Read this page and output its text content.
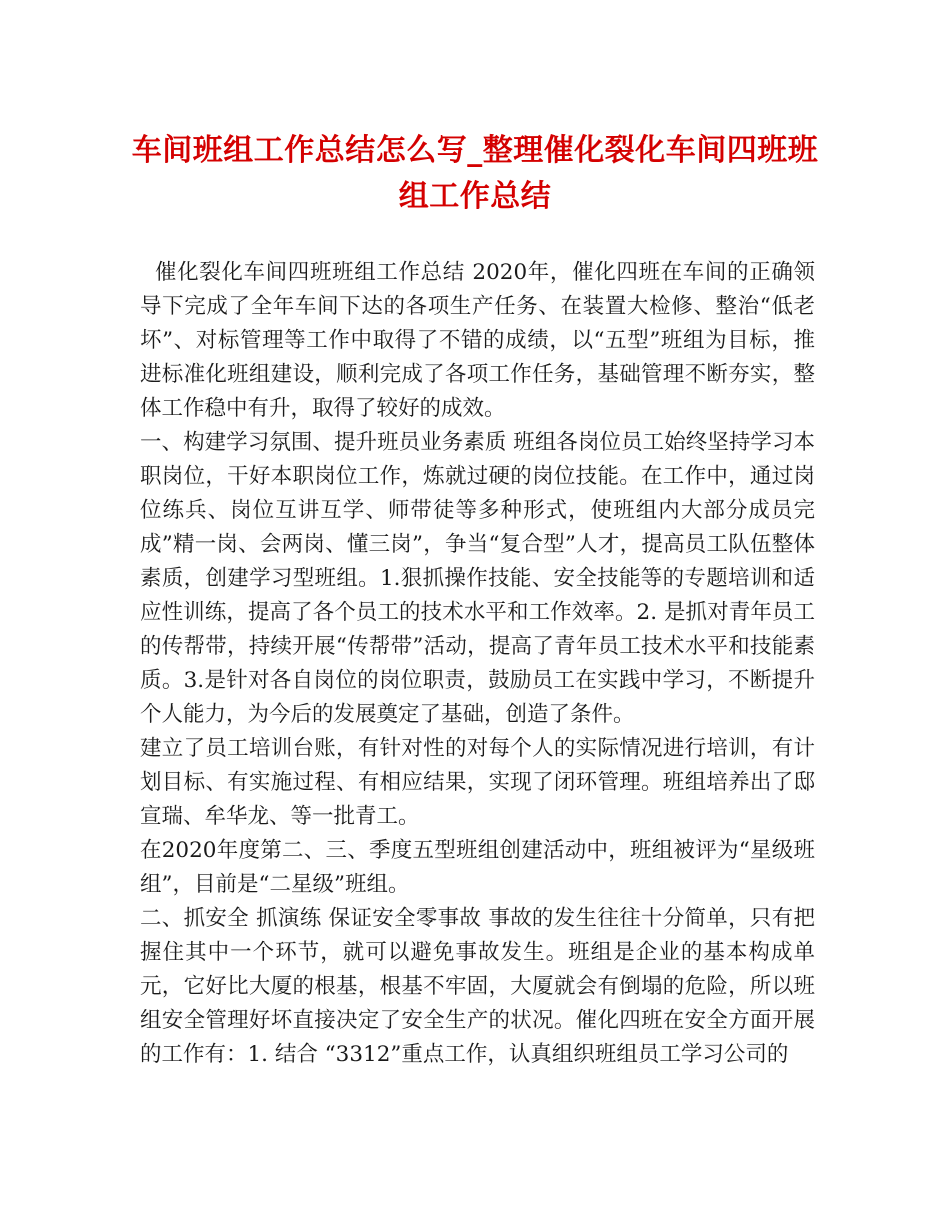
车间班组工作总结怎么写_整理催化裂化车间四班班组工作总结

催化裂化车间四班班组工作总结 2020年，催化四班在车间的正确领导下完成了全年车间下达的各项生产任务、在装置大检修、整治“低老坏”、对标管理等工作中取得了不错的成绩，以“五型”班组为目标，推进标准化班组建设，顺利完成了各项工作任务，基础管理不断夯实，整体工作稳中有升，取得了较好的成效。

一、构建学习氛围、提升班员业务素质 班组各岗位员工始终坚持学习本职岗位，干好本职岗位工作，炼就过硬的岗位技能。在工作中，通过岗位练兵、岗位互讲互学、师带徒等多种形式，使班组内大部分成员完成”精一岗、会两岗、懂三岗”，争当“复合型”人才，提高员工队伍整体素质，创建学习型班组。1.狠抓操作技能、安全技能等的专题培训和适应性训练，提高了各个员工的技术水平和工作效率。2. 是抓对青年员工的传帮带，持续开展“传帮带”活动，提高了青年员工技术水平和技能素质。3.是针对各自岗位的岗位职责，鼓励员工在实践中学习，不断提升个人能力，为今后的发展奠定了基础，创造了条件。

建立了员工培训台账，有针对性的对每个人的实际情况进行培训，有计划目标、有实施过程、有相应结果，实现了闭环管理。班组培养出了邸宣瑞、牟华龙、等一批青工。

在2020年度第二、三、季度五型班组创建活动中，班组被评为“星级班组”，目前是“二星级”班组。

二、抓安全 抓演练 保证安全零事故 事故的发生往往十分简单，只有把握住其中一个环节，就可以避免事故发生。班组是企业的基本构成单元，它好比大厦的根基，根基不牢固，大厦就会有倒塌的危险，所以班组安全管理好坏直接决定了安全生产的状况。催化四班在安全方面开展的工作有：1. 结合 “3312”重点工作，认真组织班组员工学习公司的
